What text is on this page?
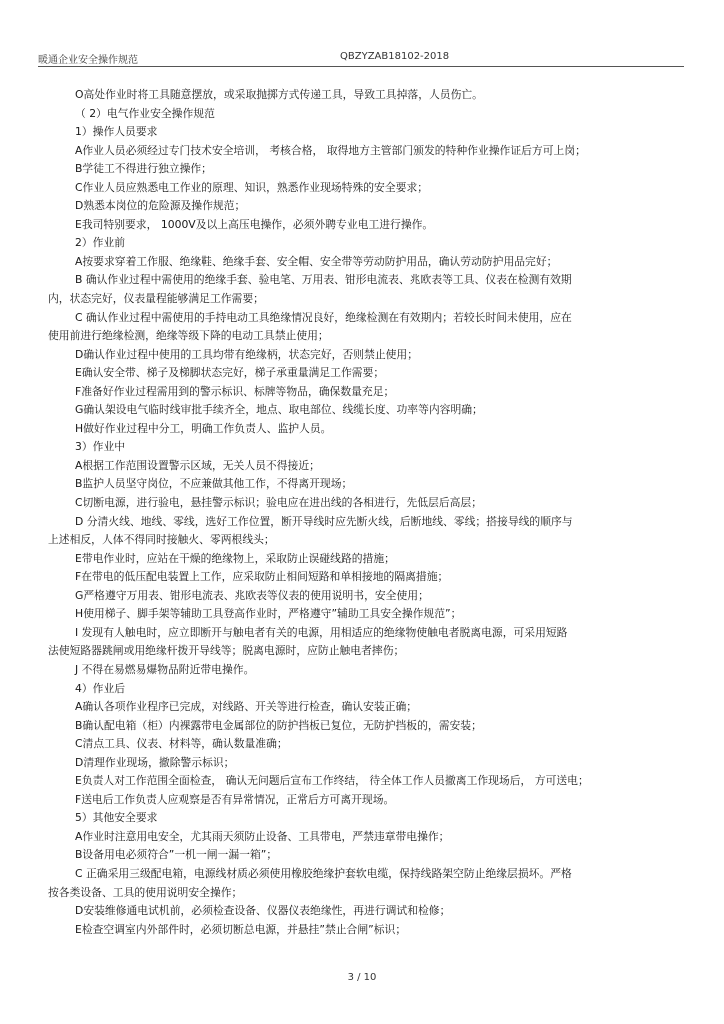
暖通企业安全操作规范	QBZYZAB18102-2018
O高处作业时将工具随意摆放，或采取抛掷方式传递工具，导致工具掉落，人员伤亡。
（ 2）电气作业安全操作规范
1）操作人员要求
A作业人员必须经过专门技术安全培训， 考核合格， 取得地方主管部门颁发的特种作业操作证后方可上岗；
B学徒工不得进行独立操作；
C作业人员应熟悉电工作业的原理、知识，熟悉作业现场特殊的安全要求；
D熟悉本岗位的危险源及操作规范；
E我司特别要求， 1000V及以上高压电操作，必须外聘专业电工进行操作。
2）作业前
A按要求穿着工作服、绝缘鞋、绝缘手套、安全帽、安全带等劳动防护用品，确认劳动防护用品完好；
B 确认作业过程中需使用的绝缘手套、验电笔、万用表、钳形电流表、兆欧表等工具、仪表在检测有效期
内，状态完好，仪表量程能够满足工作需要；
C 确认作业过程中需使用的手持电动工具绝缘情况良好，绝缘检测在有效期内；若较长时间未使用，应在
使用前进行绝缘检测，绝缘等级下降的电动工具禁止使用；
D确认作业过程中使用的工具均带有绝缘柄，状态完好，否则禁止使用；
E确认安全带、梯子及梯脚状态完好，梯子承重量满足工作需要；
F准备好作业过程需用到的警示标识、标牌等物品，确保数量充足；
G确认架设电气临时线审批手续齐全，地点、取电部位、线缆长度、功率等内容明确；
H做好作业过程中分工，明确工作负责人、监护人员。
3）作业中
A根据工作范围设置警示区域，无关人员不得接近；
B监护人员坚守岗位，不应兼做其他工作，不得离开现场；
C切断电源，进行验电，悬挂警示标识；验电应在进出线的各相进行，先低层后高层；
D 分清火线、地线、零线，选好工作位置，断开导线时应先断火线，后断地线、零线；搭接导线的顺序与
上述相反，人体不得同时接触火、零两根线头；
E带电作业时，应站在干燥的绝缘物上，采取防止误碰线路的措施；
F在带电的低压配电装置上工作，应采取防止相间短路和单相接地的隔离措施；
G严格遵守万用表、钳形电流表、兆欧表等仪表的使用说明书，安全使用；
H使用梯子、脚手架等辅助工具登高作业时，严格遵守”辅助工具安全操作规范”；
I 发现有人触电时，应立即断开与触电者有关的电源，用相适应的绝缘物使触电者脱离电源，可采用短路
法使短路器跳闸或用绝缘杆拨开导线等；脱离电源时，应防止触电者摔伤；
J 不得在易燃易爆物品附近带电操作。
4）作业后
A确认各项作业程序已完成，对线路、开关等进行检查，确认安装正确；
B确认配电箱（柜）内裸露带电金属部位的防护挡板已复位，无防护挡板的，需安装；
C清点工具、仪表、材料等，确认数量准确；
D清理作业现场，撤除警示标识；
E负责人对工作范围全面检查， 确认无问题后宣布工作终结， 待全体工作人员撤离工作现场后， 方可送电；
F送电后工作负责人应观察是否有异常情况，正常后方可离开现场。
5）其他安全要求
A作业时注意用电安全，尤其雨天须防止设备、工具带电，严禁违章带电操作；
B设备用电必须符合”一机一闸一漏一箱”；
C 正确采用三级配电箱，电源线材质必须使用橡胶绝缘护套软电缆，保持线路架空防止绝缘层损坏。严格
按各类设备、工具的使用说明安全操作；
D安装维修通电试机前，必须检查设备、仪器仪表绝缘性，再进行调试和检修；
E检查空调室内外部件时，必须切断总电源，并悬挂”禁止合闸”标识；
3 / 10
